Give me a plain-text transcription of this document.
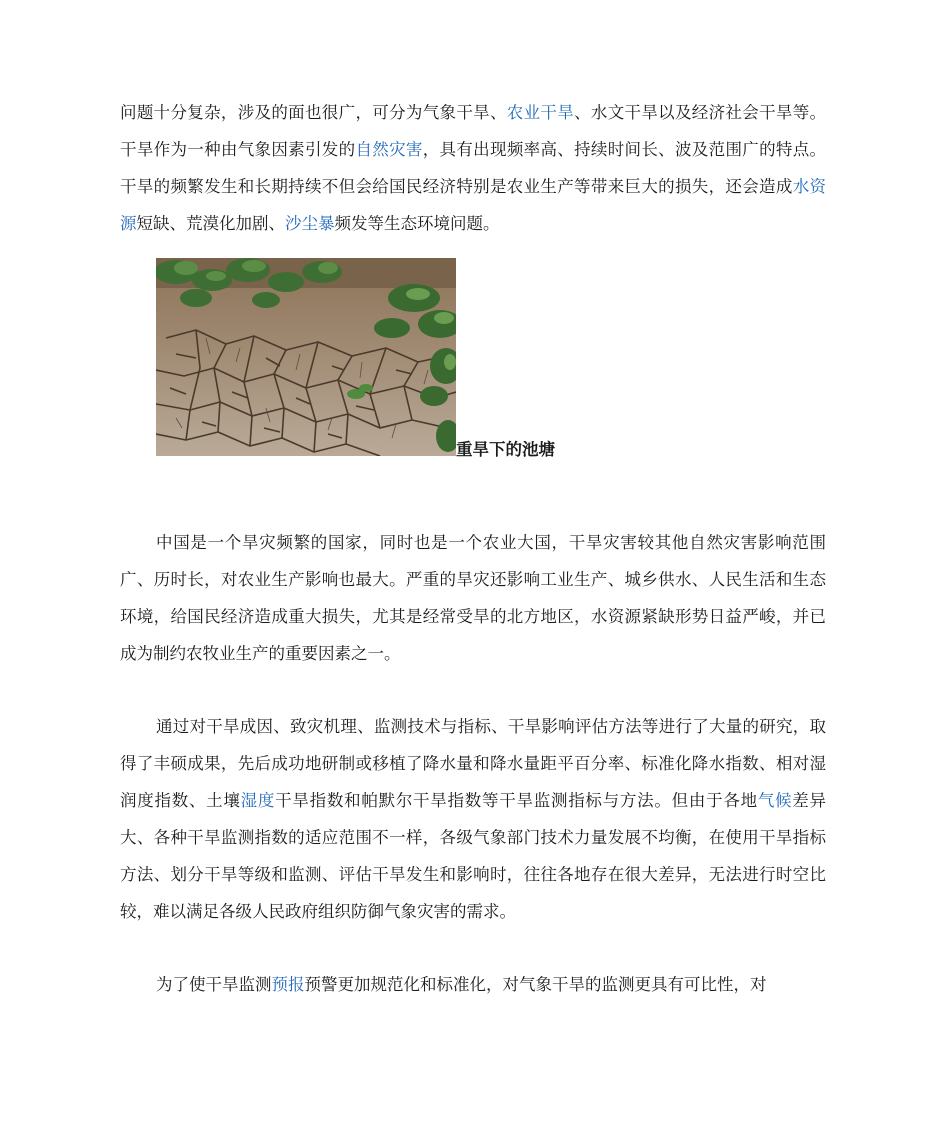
问题十分复杂，涉及的面也很广，可分为气象干旱、农业干旱、水文干旱以及经济社会干旱等。干旱作为一种由气象因素引发的自然灾害，具有出现频率高、持续时间长、波及范围广的特点。干旱的频繁发生和长期持续不但会给国民经济特别是农业生产等带来巨大的损失，还会造成水资源短缺、荒漠化加剧、沙尘暴频发等生态环境问题。

重旱下的池塘

中国是一个旱灾频繁的国家，同时也是一个农业大国，干旱灾害较其他自然灾害影响范围广、历时长，对农业生产影响也最大。严重的旱灾还影响工业生产、城乡供水、人民生活和生态环境，给国民经济造成重大损失，尤其是经常受旱的北方地区，水资源紧缺形势日益严峻，并已成为制约农牧业生产的重要因素之一。

通过对干旱成因、致灾机理、监测技术与指标、干旱影响评估方法等进行了大量的研究，取得了丰硕成果，先后成功地研制或移植了降水量和降水量距平百分率、标准化降水指数、相对湿润度指数、土壤湿度干旱指数和帕默尔干旱指数等干旱监测指标与方法。但由于各地气候差异大、各种干旱监测指数的适应范围不一样，各级气象部门技术力量发展不均衡，在使用干旱指标方法、划分干旱等级和监测、评估干旱发生和影响时，往往各地存在很大差异，无法进行时空比较，难以满足各级人民政府组织防御气象灾害的需求。

为了使干旱监测预报预警更加规范化和标准化，对气象干旱的监测更具有可比性，对
